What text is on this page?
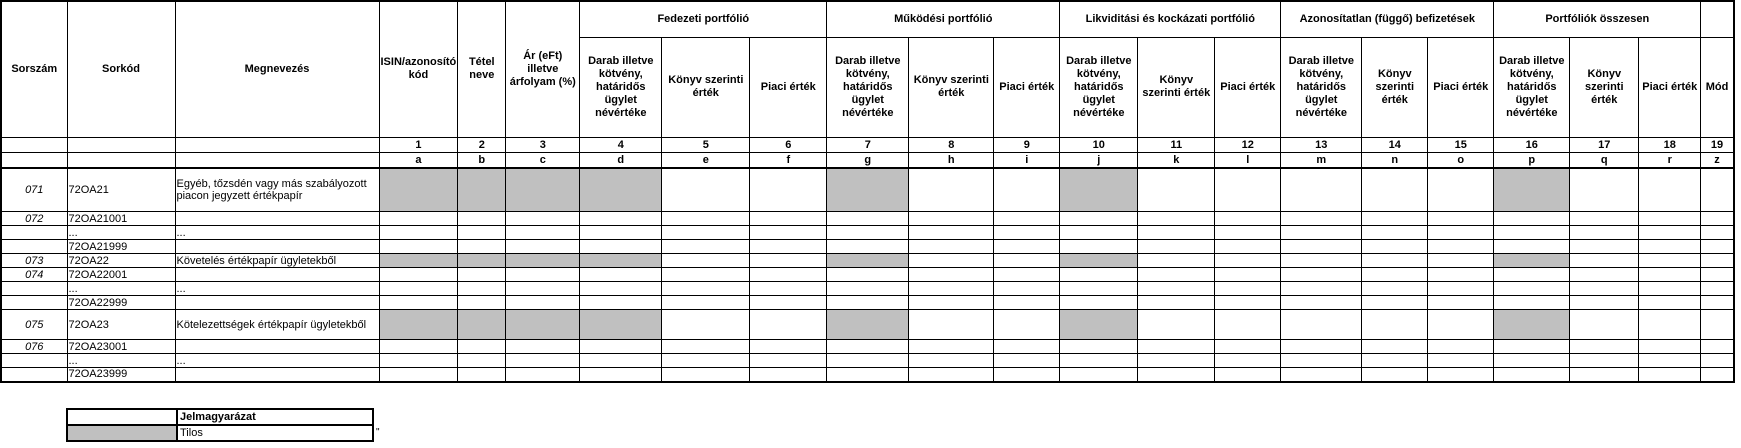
Sorszám	Sorkód	Megnevezés	ISIN/azonosító kód	Tétel neve	Ár (eFt) illetve árfolyam (%)	Fedezeti portfólió			Működési portfólió			Likviditási és kockázati portfólió			Azonosítatlan (függő) befizetések			Portfóliók összesen			
						Darab illetve kötvény, határidős ügylet névértéke	Könyv szerinti érték	Piaci érték	Darab illetve kötvény, határidős ügylet névértéke	Könyv szerinti érték	Piaci érték	Darab illetve kötvény, határidős ügylet névértéke	Könyv szerinti érték	Piaci érték	Darab illetve kötvény, határidős ügylet névértéke	Könyv szerinti érték	Piaci érték	Darab illetve kötvény, határidős ügylet névértéke	Könyv szerinti érték	Piaci érték	Mód
			1	2	3	4	5	6	7	8	9	10	11	12	13	14	15	16	17	18	19
			a	b	c	d	e	f	g	h	i	j	k	l	m	n	o	p	q	r	z
071	72OA21	Egyéb, tőzsdén vagy más szabályozott piacon jegyzett értékpapír																			
072	72OA21001																				
	...	...																			
	72OA21999																				
073	72OA22	Követelés értékpapír ügyletekből																			
074	72OA22001																				
	...	...																			
	72OA22999																				
075	72OA23	Kötelezettségek értékpapír ügyletekből																			
076	72OA23001																				
	...	...																			
	72OA23999																				
	Jelmagyarázat
	Tilos	"
